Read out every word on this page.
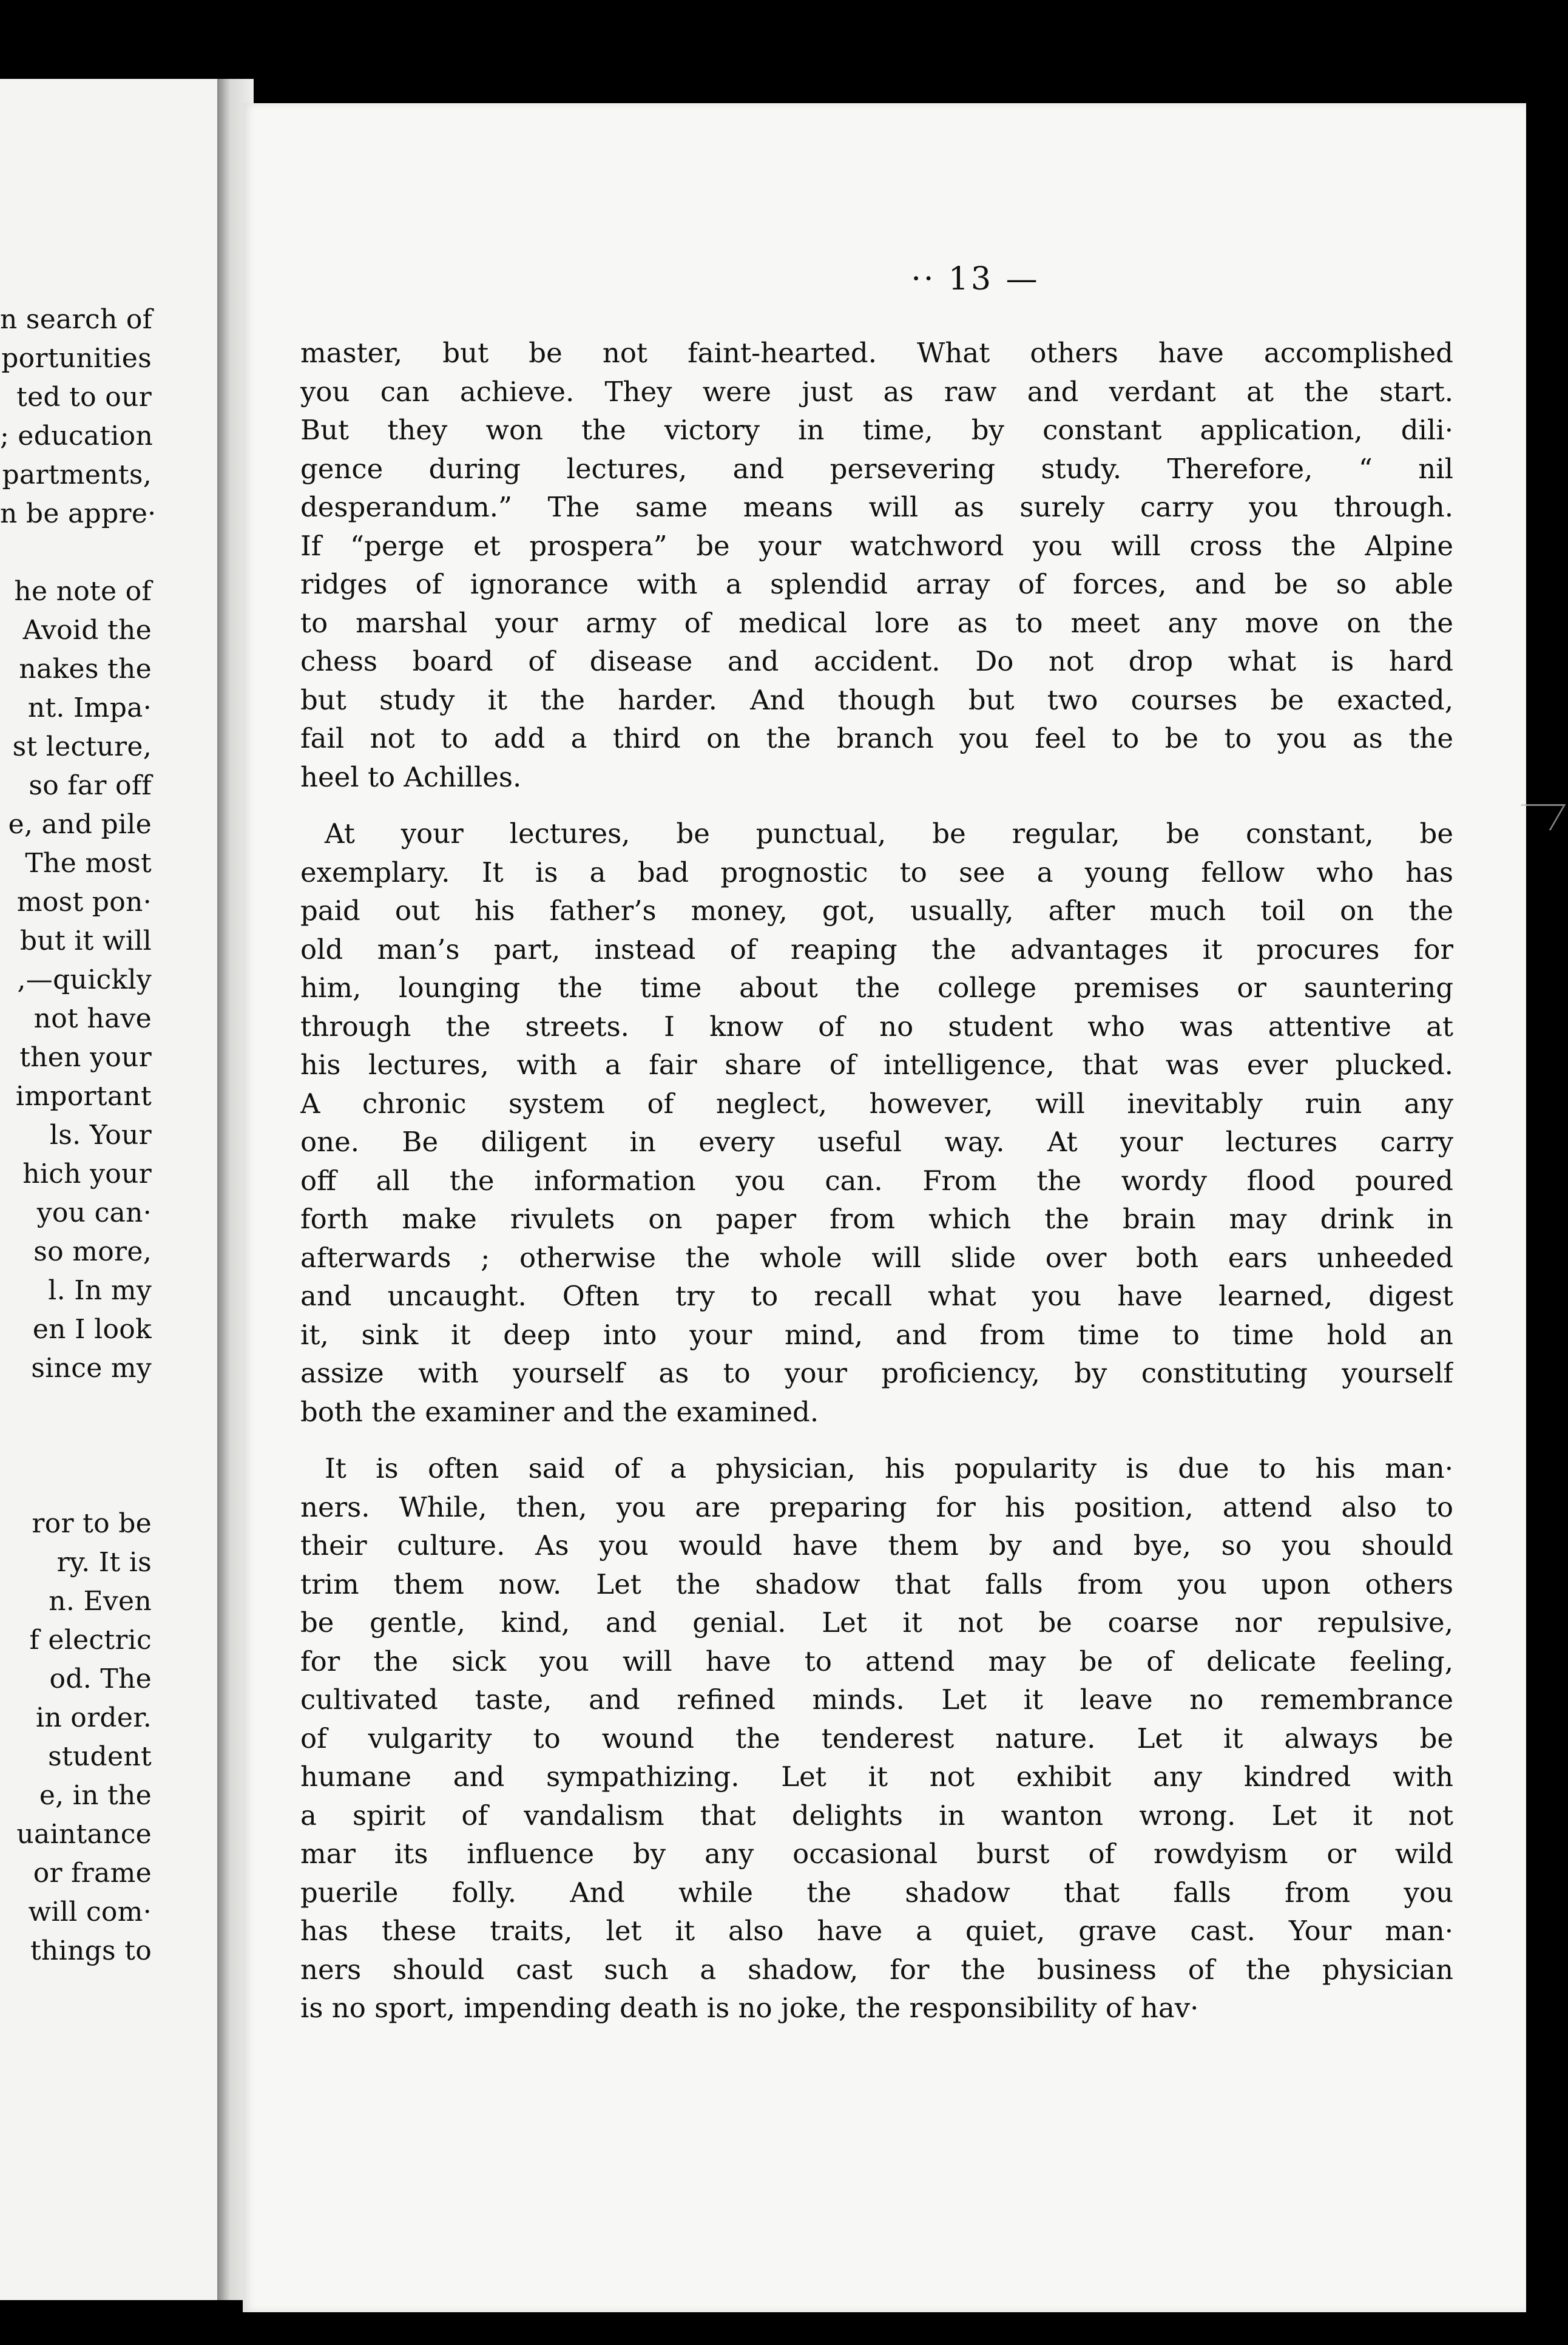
n search of
portunities
ted to our
; education
partments,
n be appre·
he note of
Avoid the
nakes the
nt. Impa·
st lecture,
so far off
e, and pile
The most
most pon·
but it will
,—quickly
not have
then your
important
ls. Your
hich your
you can·
so more,
l. In my
en I look
since my
ror to be
ry. It is
n. Even
f electric
od. The
in order.
student
e, in the
uaintance
or frame
will com·
things to
·· 13 —
master, but be not faint-hearted. What others have accomplished
you can achieve. They were just as raw and verdant at the start.
But they won the victory in time, by constant application, dili·
gence during lectures, and persevering study. Therefore, “ nil
desperandum.” The same means will as surely carry you through.
If “perge et prospera” be your watchword you will cross the Alpine
ridges of ignorance with a splendid array of forces, and be so able
to marshal your army of medical lore as to meet any move on the
chess board of disease and accident. Do not drop what is hard
but study it the harder. And though but two courses be exacted,
fail not to add a third on the branch you feel to be to you as the
heel to Achilles.
At your lectures, be punctual, be regular, be constant, be
exemplary. It is a bad prognostic to see a young fellow who has
paid out his father’s money, got, usually, after much toil on the
old man’s part, instead of reaping the advantages it procures for
him, lounging the time about the college premises or sauntering
through the streets. I know of no student who was attentive at
his lectures, with a fair share of intelligence, that was ever plucked.
A chronic system of neglect, however, will inevitably ruin any
one. Be diligent in every useful way. At your lectures carry
off all the information you can. From the wordy flood poured
forth make rivulets on paper from which the brain may drink in
afterwards ; otherwise the whole will slide over both ears unheeded
and uncaught. Often try to recall what you have learned, digest
it, sink it deep into your mind, and from time to time hold an
assize with yourself as to your proficiency, by constituting yourself
both the examiner and the examined.
It is often said of a physician, his popularity is due to his man·
ners. While, then, you are preparing for his position, attend also to
their culture. As you would have them by and bye, so you should
trim them now. Let the shadow that falls from you upon others
be gentle, kind, and genial. Let it not be coarse nor repulsive,
for the sick you will have to attend may be of delicate feeling,
cultivated taste, and refined minds. Let it leave no remembrance
of vulgarity to wound the tenderest nature. Let it always be
humane and sympathizing. Let it not exhibit any kindred with
a spirit of vandalism that delights in wanton wrong. Let it not
mar its influence by any occasional burst of rowdyism or wild
puerile folly. And while the shadow that falls from you
has these traits, let it also have a quiet, grave cast. Your man·
ners should cast such a shadow, for the business of the physician
is no sport, impending death is no joke, the responsibility of hav·
